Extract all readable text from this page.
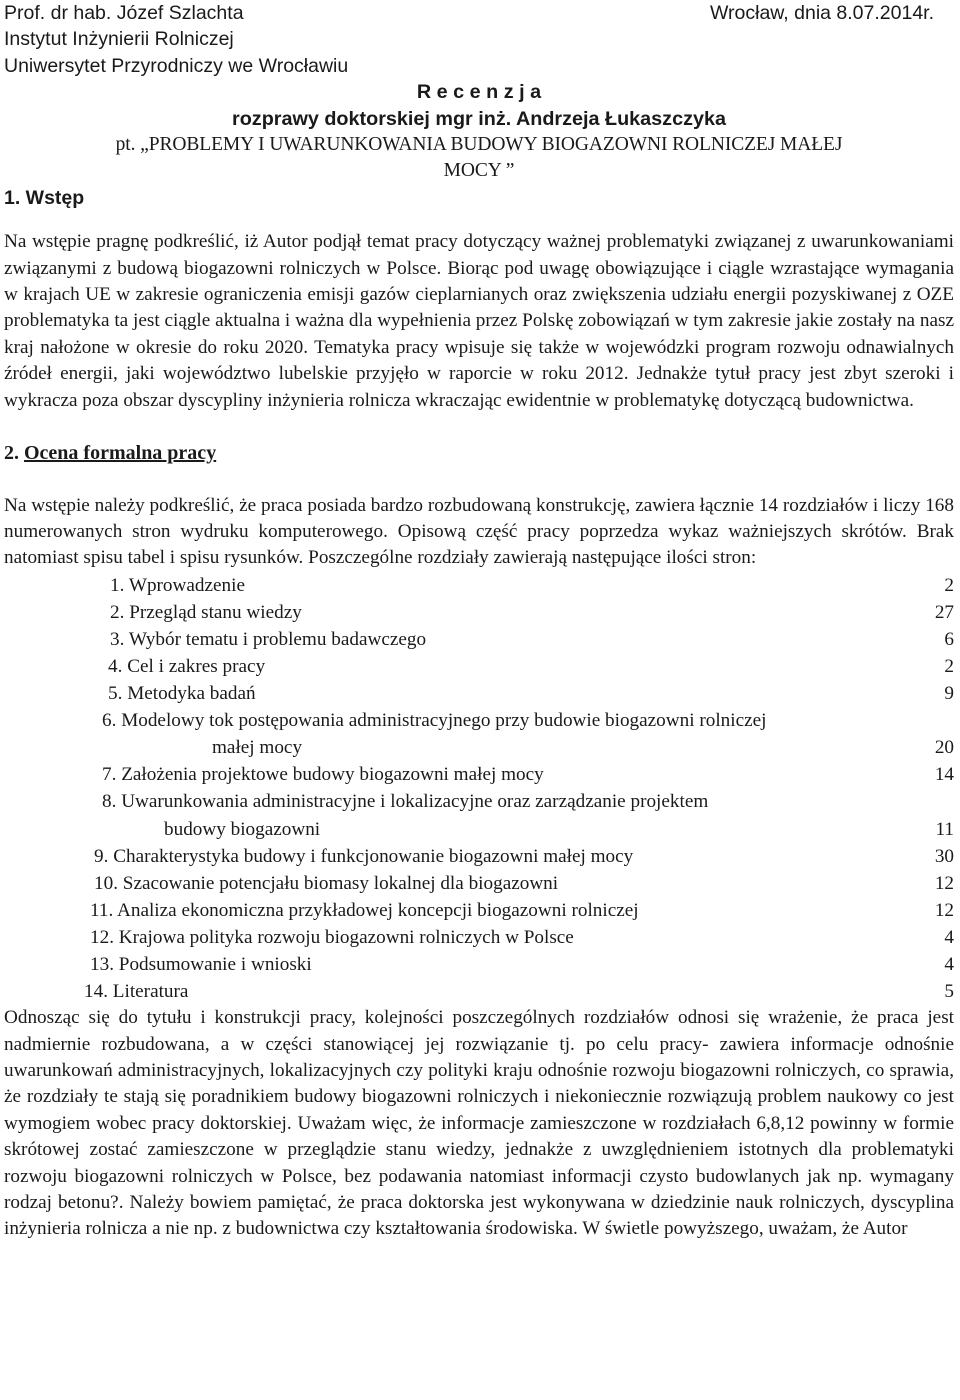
Prof. dr hab. Józef Szlachta
Instytut Inżynierii Rolniczej
Uniwersytet Przyrodniczy we Wrocławiu
Wrocław, dnia 8.07.2014r.
R e c e n z j a
rozprawy doktorskiej mgr inż. Andrzeja Łukaszczyka
pt. „PROBLEMY I UWARUNKOWANIA BUDOWY BIOGAZOWNI ROLNICZEJ MAŁEJ
MOCY ”
1. Wstęp

Na wstępie pragnę podkreślić, iż Autor podjął temat pracy dotyczący ważnej problematyki związanej z uwarunkowaniami związanymi z budową biogazowni rolniczych w Polsce. Biorąc pod uwagę obowiązujące i ciągle wzrastające wymagania w krajach UE w zakresie ograniczenia emisji gazów cieplarnianych oraz zwiększenia udziału energii pozyskiwanej z OZE problematyka ta jest ciągle aktualna i ważna dla wypełnienia przez Polskę zobowiązań w tym zakresie jakie zostały na nasz kraj nałożone w okresie do roku 2020. Tematyka pracy wpisuje się także w wojewódzki program rozwoju odnawialnych źródeł energii, jaki województwo lubelskie przyjęło w raporcie w roku 2012. Jednakże tytuł pracy jest zbyt szeroki i wykracza poza obszar dyscypliny inżynieria rolnicza wkraczając ewidentnie w problematykę dotyczącą budownictwa.

2. Ocena formalna pracy

Na wstępie należy podkreślić, że praca posiada bardzo rozbudowaną konstrukcję, zawiera łącznie 14 rozdziałów i liczy 168 numerowanych stron wydruku komputerowego. Opisową część pracy poprzedza wykaz ważniejszych skrótów. Brak natomiast spisu tabel i spisu rysunków. Poszczególne rozdziały zawierają następujące ilości stron:

1. Wprowadzenie	2
2. Przegląd stanu wiedzy	27
3. Wybór tematu i problemu badawczego	6
4. Cel i zakres pracy	2
5. Metodyka badań	9
6. Modelowy tok postępowania administracyjnego przy budowie biogazowni rolniczej
małej mocy	20
7. Założenia projektowe budowy biogazowni małej mocy	14
8. Uwarunkowania administracyjne i lokalizacyjne oraz zarządzanie projektem
budowy biogazowni	11
9. Charakterystyka budowy i funkcjonowanie biogazowni małej mocy	30
10. Szacowanie potencjału biomasy lokalnej dla biogazowni	12
11. Analiza ekonomiczna przykładowej koncepcji biogazowni rolniczej	12
12. Krajowa polityka rozwoju biogazowni rolniczych w Polsce	4
13. Podsumowanie i wnioski	4
14. Literatura	5

Odnosząc się do tytułu i konstrukcji pracy, kolejności poszczególnych rozdziałów odnosi się wrażenie, że praca jest nadmiernie rozbudowana, a w części stanowiącej jej rozwiązanie tj. po celu pracy- zawiera informacje odnośnie uwarunkowań administracyjnych, lokalizacyjnych czy polityki kraju odnośnie rozwoju biogazowni rolniczych, co sprawia, że rozdziały te stają się poradnikiem budowy biogazowni rolniczych i niekoniecznie rozwiązują problem naukowy co jest wymogiem wobec pracy doktorskiej. Uważam więc, że informacje zamieszczone w rozdziałach 6,8,12 powinny w formie skrótowej zostać zamieszczone w przeglądzie stanu wiedzy, jednakże z uwzględnieniem istotnych dla problematyki rozwoju biogazowni rolniczych w Polsce, bez podawania natomiast informacji czysto budowlanych jak np. wymagany rodzaj betonu?. Należy bowiem pamiętać, że praca doktorska jest wykonywana w dziedzinie nauk rolniczych, dyscyplina inżynieria rolnicza a nie np. z budownictwa czy kształtowania środowiska. W świetle powyższego, uważam, że Autor
